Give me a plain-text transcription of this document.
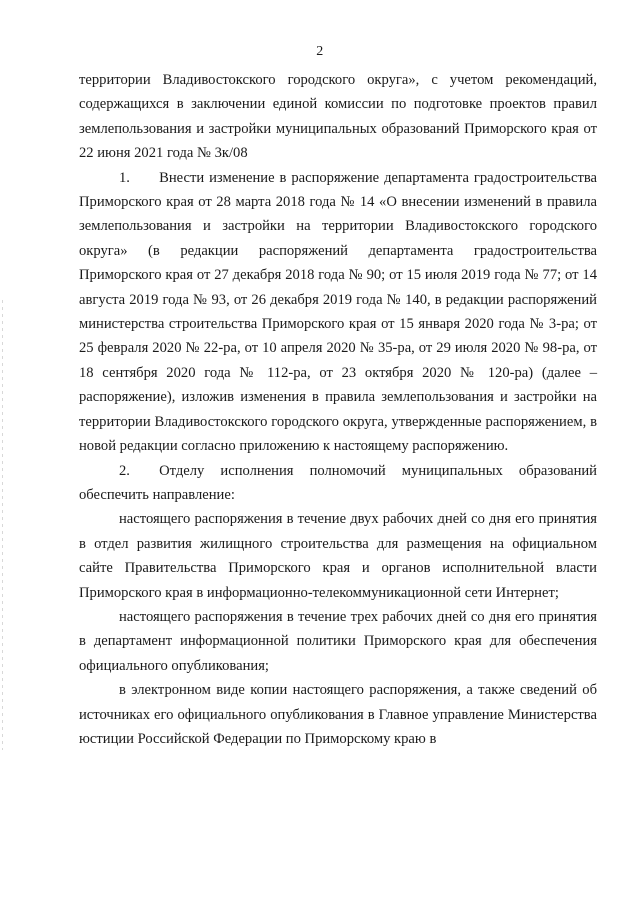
2

территории Владивостокского городского округа», с учетом рекомендаций, содержащихся в заключении единой комиссии по подготовке проектов правил землепользования и застройки муниципальных образований Приморского края от 22 июня 2021 года № 3к/08

1.  Внести изменение в распоряжение департамента градостроительства Приморского края от 28 марта 2018 года № 14 «О внесении изменений в правила землепользования и застройки на территории Владивостокского городского округа» (в редакции распоряжений департамента градостроительства Приморского края от 27 декабря 2018 года № 90; от 15 июля 2019 года № 77; от 14 августа 2019 года № 93, от 26 декабря 2019 года № 140, в редакции распоряжений министерства строительства Приморского края от 15 января 2020 года № 3-ра; от 25 февраля 2020 № 22-ра, от 10 апреля 2020 № 35-ра, от 29 июля 2020 № 98-ра, от 18 сентября 2020 года № 112-ра, от 23 октября 2020 № 120-ра) (далее – распоряжение), изложив изменения в правила землепользования и застройки на территории Владивостокского городского округа, утвержденные распоряжением, в новой редакции согласно приложению к настоящему распоряжению.

2.  Отделу исполнения полномочий муниципальных образований обеспечить направление:

настоящего распоряжения в течение двух рабочих дней со дня его принятия в отдел развития жилищного строительства для размещения на официальном сайте Правительства Приморского края и органов исполнительной власти Приморского края в информационно-телекоммуникационной сети Интернет;

настоящего распоряжения в течение трех рабочих дней со дня его принятия в департамент информационной политики Приморского края для обеспечения официального опубликования;

в электронном виде копии настоящего распоряжения, а также сведений об источниках его официального опубликования в Главное управление Министерства юстиции Российской Федерации по Приморскому краю в
